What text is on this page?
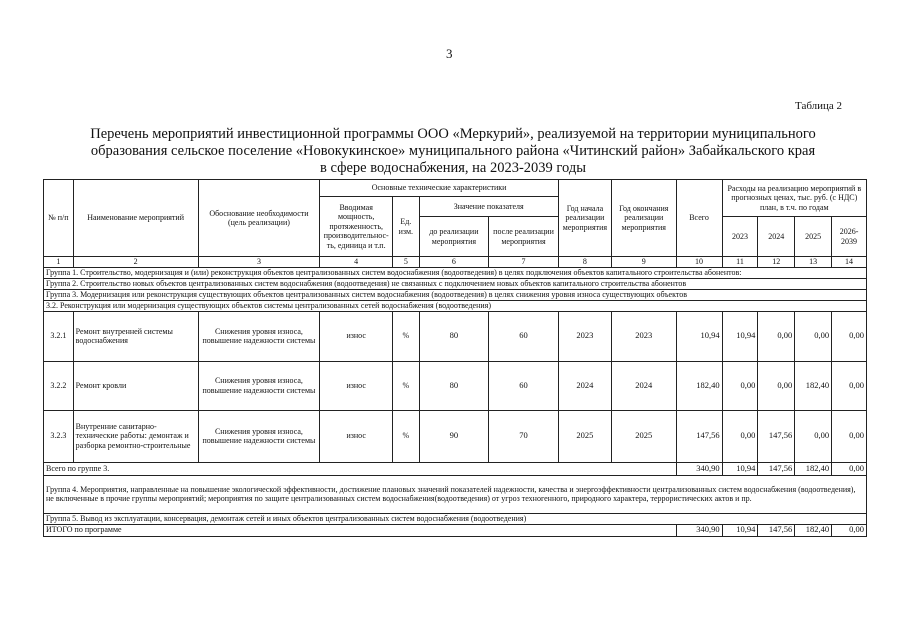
3
Таблица 2
Перечень мероприятий инвестиционной программы ООО «Меркурий», реализуемой на территории муниципального
образования сельское поселение «Новокукинское» муниципального района «Читинский район» Забайкальского края
в сфере водоснабжения, на 2023-2039 годы
№ п/п	Наименование мероприятий	Обоснование необходимости (цель реализации)	Основные технические характеристики				Год начала реализации мероприятия	Год окончания реализации мероприятия	Всего	Расходы на реализацию мероприятий в прогнозных ценах, тыс. руб. (с НДС) план, в т.ч. по годам			
			Вводимая мощность, протяженность, производительнос-ть, единица и т.п.	Ед. изм.	Значение показателя								
					до реализации мероприятия	после реализации мероприятия				2023	2024	2025	2026-2039
1	2	3	4	5	6	7	8	9	10	11	12	13	14
Группа 1. Строительство, модернизация и (или) реконструкция объектов централизованных систем водоснабжения (водоотведения) в целях подключения объектов капитального строительства абонентов:													
Группа 2. Строительство новых объектов централизованных систем водоснабжения (водоотведения) не связанных с подключением новых объектов капитального строительства абонентов													
Группа 3. Модернизация или реконструкция существующих объектов централизованных систем водоснабжения (водоотведения) в целях снижения уровня износа существующих объектов													
3.2. Реконструкция или модернизация существующих объектов системы централизованных сетей водоснабжения (водоотведения)													
3.2.1	Ремонт внутренней системы водоснабжения	Снижения уровня износа, повышение надежности системы	износ	%	80	60	2023	2023	10,94	10,94	0,00	0,00	0,00
3.2.2	Ремонт кровли	Снижения уровня износа, повышение надежности системы	износ	%	80	60	2024	2024	182,40	0,00	0,00	182,40	0,00
3.2.3	Внутренние санитарно-технические работы: демонтаж и разборка ремонтно-строительные	Снижения уровня износа, повышение надежности системы	износ	%	90	70	2025	2025	147,56	0,00	147,56	0,00	0,00
Всего по группе 3.									340,90	10,94	147,56	182,40	0,00
Группа 4. Мероприятия, направленные на повышение экологической эффективности, достижение плановых значений показателей надежности, качества и энергоэффективности централизованных систем водоснабжения (водоотведения), не включенные в прочие группы мероприятий; мероприятия по защите централизованных систем водоснабжения(водоотведения) от угроз техногенного, природного характера, террористических актов и пр.													
Группа 5. Вывод из эксплуатации, консервация, демонтаж сетей и иных объектов централизованных систем водоснабжения (водоотведения)													
ИТОГО по программе									340,90	10,94	147,56	182,40	0,00
